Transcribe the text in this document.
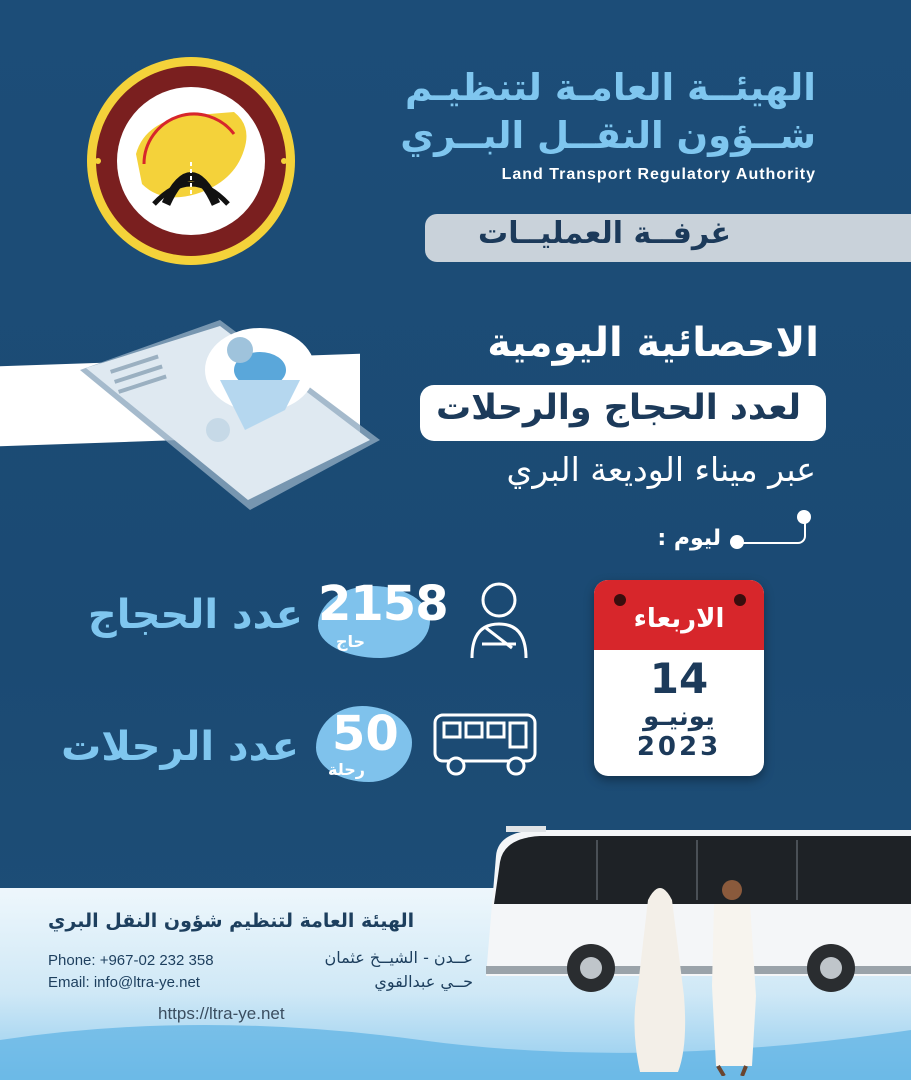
الهيئــة العامـة لتنظيـم
شــؤون النقــل البــري
Land Transport Regulatory Authority
غرفــة العمليــات
الاحصائية اليومية
لعدد الحجاج والرحلات
عبر ميناء الوديعة البري
ليوم :
الاربعاء
14
يونيـو
2023
2158
حاج
عدد الحجاج
50
رحلة
عدد الرحلات
الهيئة العامة لتنظيم شؤون النقل البري
Phone: +967-02 232 358
Email: info@ltra-ye.net
عــدن - الشيــخ عثمان
حــي عبدالقوي
https://ltra-ye.net
